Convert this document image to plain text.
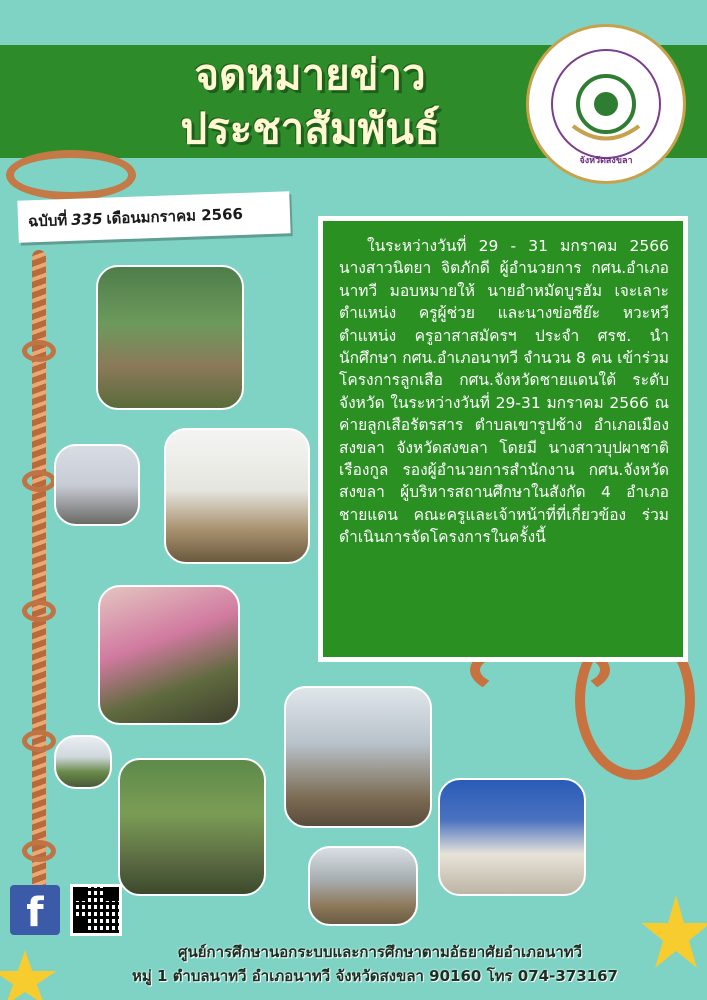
จดหมายข่าว
ประชาสัมพันธ์
จังหวัดสงขลา
ฉบับที่ 335 เดือนมกราคม 2566

ในระหว่างวันที่ 29 - 31 มกราคม 2566 นางสาวนิตยา จิตภักดี ผู้อำนวยการ กศน.อำเภอนาทวี มอบหมายให้ นายอำหมัดบูรฮัม เจะเลาะ ตำแหน่ง ครูผู้ช่วย และนางข่อซีย๊ะ หวะหวี ตำแหน่ง ครูอาสาสมัครฯ ประจำ ศรช. นำนักศึกษา กศน.อำเภอนาทวี จำนวน 8 คน เข้าร่วมโครงการลูกเสือ กศน.จังหวัดชายแดนใต้ ระดับจังหวัด ในระหว่างวันที่ 29-31 มกราคม 2566 ณ ค่ายลูกเสือรัตรสาร ตำบลเขารูปช้าง อำเภอเมืองสงขลา จังหวัดสงขลา โดยมี นางสาวบุปผาชาติ เรืองกูล รองผู้อำนวยการสำนักงาน กศน.จังหวัดสงขลา ผู้บริหารสถานศึกษาในสังกัด 4 อำเภอชายแดน คณะครูและเจ้าหน้าที่ที่เกี่ยวข้อง ร่วมดำเนินการจัดโครงการในครั้งนี้

f
ศูนย์การศึกษานอกระบบและการศึกษาตามอัธยาศัยอำเภอนาทวี
หมู่ 1 ตำบลนาทวี อำเภอนาทวี จังหวัดสงขลา 90160 โทร 074-373167
